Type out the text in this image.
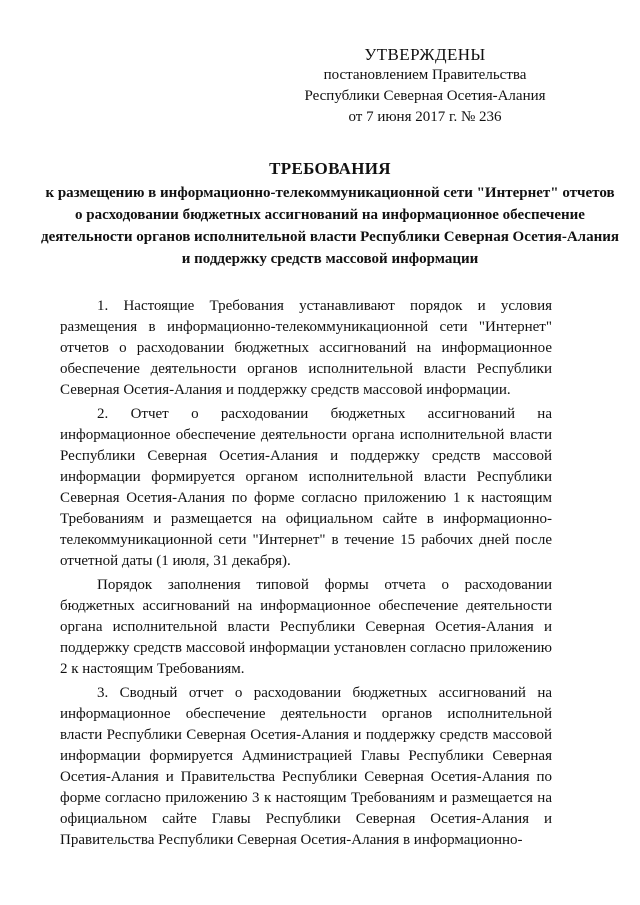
УТВЕРЖДЕНЫ
постановлением Правительства
Республики Северная Осетия-Алания
от 7 июня 2017 г. № 236
ТРЕБОВАНИЯ
к размещению в информационно-телекоммуникационной сети "Интернет" отчетов о расходовании бюджетных ассигнований на информационное обеспечение деятельности органов исполнительной власти Республики Северная Осетия-Алания и поддержку средств массовой информации

1. Настоящие Требования устанавливают порядок и условия размещения в информационно-телекоммуникационной сети "Интернет" отчетов о расходовании бюджетных ассигнований на информационное обеспечение деятельности органов исполнительной власти Республики Северная Осетия-Алания и поддержку средств массовой информации.

2. Отчет о расходовании бюджетных ассигнований на информационное обеспечение деятельности органа исполнительной власти Республики Северная Осетия-Алания и поддержку средств массовой информации формируется органом исполнительной власти Республики Северная Осетия-Алания по форме согласно приложению 1 к настоящим Требованиям и размещается на официальном сайте в информационно-телекоммуникационной сети "Интернет" в течение 15 рабочих дней после отчетной даты (1 июля, 31 декабря).

Порядок заполнения типовой формы отчета о расходовании бюджетных ассигнований на информационное обеспечение деятельности органа исполнительной власти Республики Северная Осетия-Алания и поддержку средств массовой информации установлен согласно приложению 2 к настоящим Требованиям.

3. Сводный отчет о расходовании бюджетных ассигнований на информационное обеспечение деятельности органов исполнительной власти Республики Северная Осетия-Алания и поддержку средств массовой информации формируется Администрацией Главы Республики Северная Осетия-Алания и Правительства Республики Северная Осетия-Алания по форме согласно приложению 3 к настоящим Требованиям и размещается на официальном сайте Главы Республики Северная Осетия-Алания и Правительства Республики Северная Осетия-Алания в информационно-
